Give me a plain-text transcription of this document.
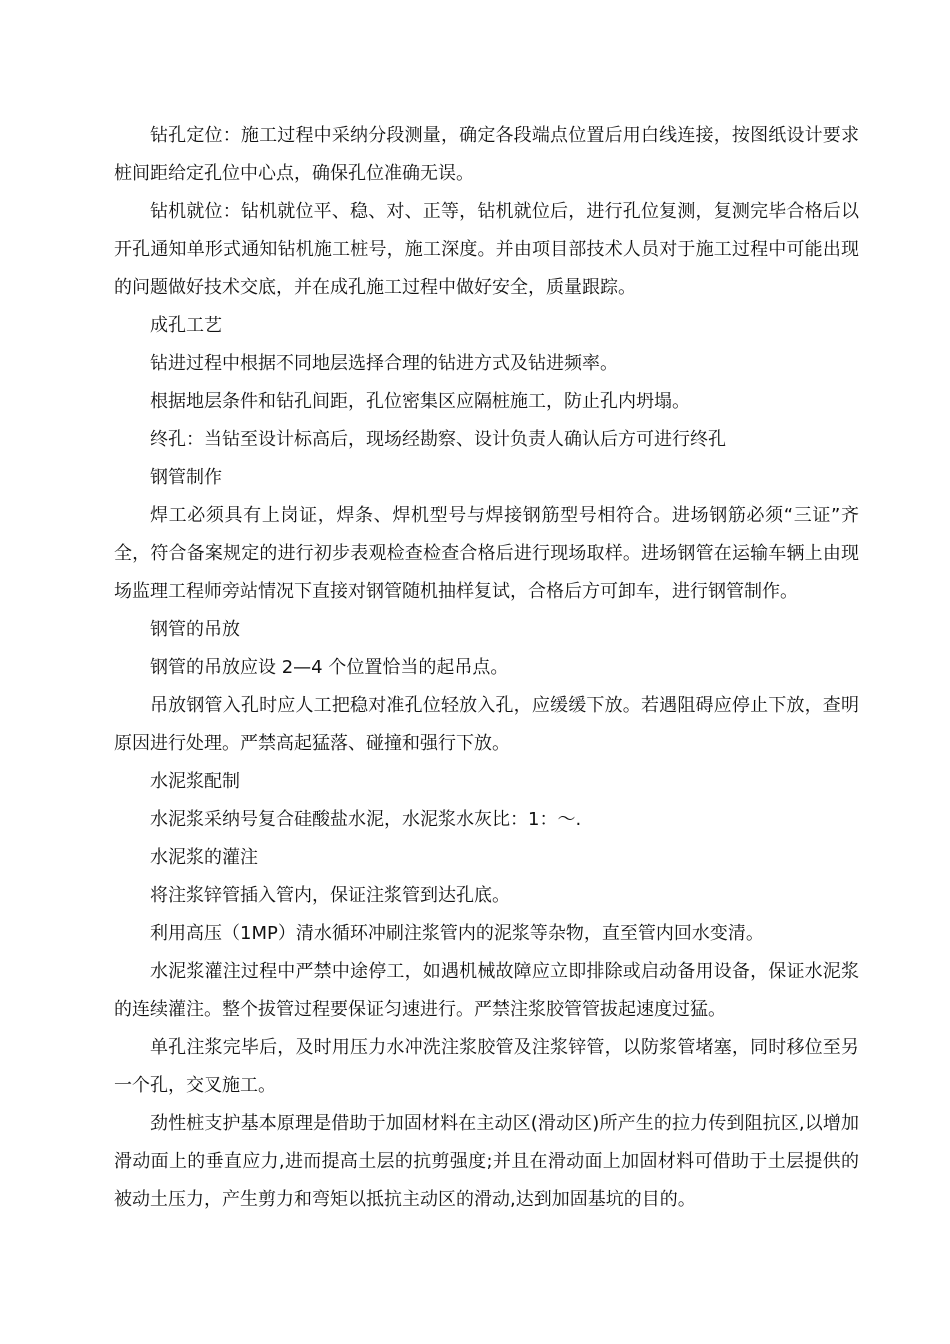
钻孔定位：施工过程中采纳分段测量，确定各段端点位置后用白线连接，按图纸设计要求桩间距给定孔位中心点，确保孔位准确无误。

钻机就位：钻机就位平、稳、对、正等，钻机就位后，进行孔位复测，复测完毕合格后以开孔通知单形式通知钻机施工桩号，施工深度。并由项目部技术人员对于施工过程中可能出现的问题做好技术交底，并在成孔施工过程中做好安全，质量跟踪。

成孔工艺

钻进过程中根据不同地层选择合理的钻进方式及钻进频率。

根据地层条件和钻孔间距，孔位密集区应隔桩施工，防止孔内坍塌。

终孔：当钻至设计标高后，现场经勘察、设计负责人确认后方可进行终孔

钢管制作

焊工必须具有上岗证，焊条、焊机型号与焊接钢筋型号相符合。进场钢筋必须“三证”齐全，符合备案规定的进行初步表观检查检查合格后进行现场取样。进场钢管在运输车辆上由现场监理工程师旁站情况下直接对钢管随机抽样复试，合格后方可卸车，进行钢管制作。

钢管的吊放

钢管的吊放应设 2—4 个位置恰当的起吊点。

吊放钢管入孔时应人工把稳对准孔位轻放入孔，应缓缓下放。若遇阻碍应停止下放，查明原因进行处理。严禁高起猛落、碰撞和强行下放。

水泥浆配制

水泥浆采纳号复合硅酸盐水泥，水泥浆水灰比：1：～.

水泥浆的灌注

将注浆锌管插入管内，保证注浆管到达孔底。

利用高压（1MP）清水循环冲刷注浆管内的泥浆等杂物，直至管内回水变清。

水泥浆灌注过程中严禁中途停工，如遇机械故障应立即排除或启动备用设备，保证水泥浆的连续灌注。整个拔管过程要保证匀速进行。严禁注浆胶管管拔起速度过猛。

单孔注浆完毕后，及时用压力水冲洗注浆胶管及注浆锌管，以防浆管堵塞，同时移位至另一个孔，交叉施工。

劲性桩支护基本原理是借助于加固材料在主动区(滑动区)所产生的拉力传到阻抗区,以增加滑动面上的垂直应力,进而提高土层的抗剪强度;并且在滑动面上加固材料可借助于土层提供的被动土压力，产生剪力和弯矩以抵抗主动区的滑动,达到加固基坑的目的。
